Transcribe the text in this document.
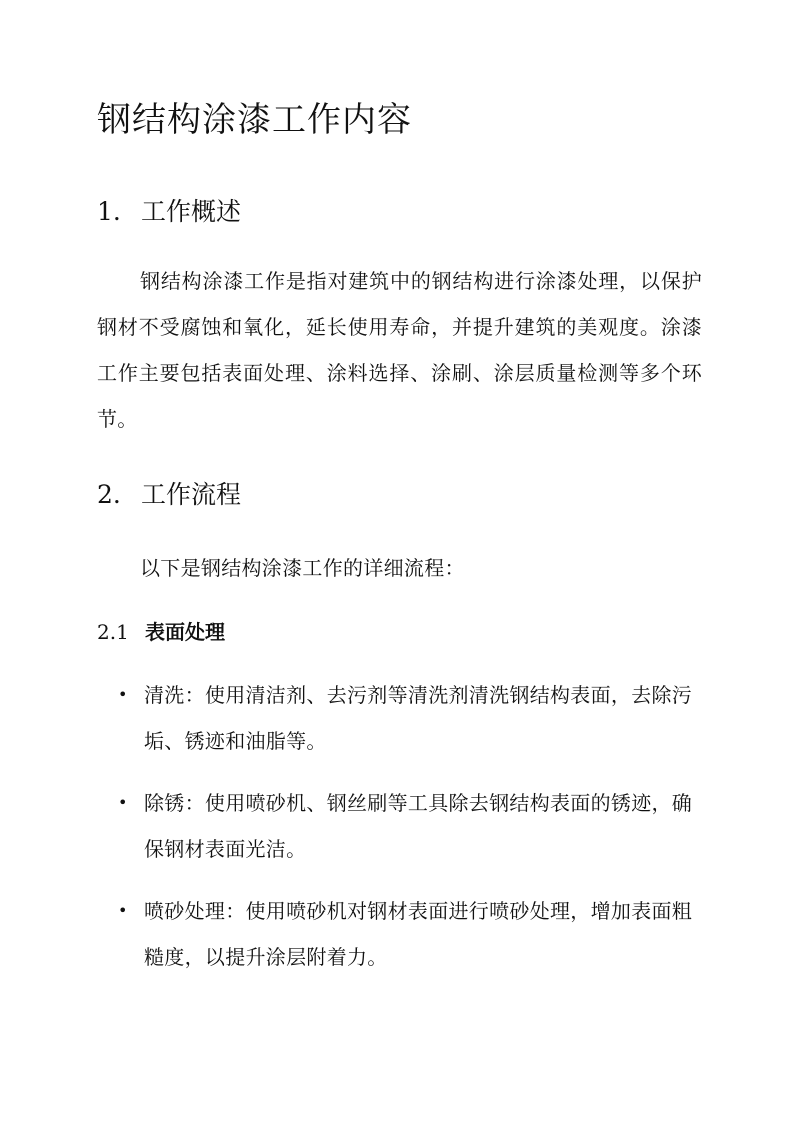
钢结构涂漆工作内容
1. 工作概述

钢结构涂漆工作是指对建筑中的钢结构进行涂漆处理，以保护钢材不受腐蚀和氧化，延长使用寿命，并提升建筑的美观度。涂漆工作主要包括表面处理、涂料选择、涂刷、涂层质量检测等多个环节。

2. 工作流程

以下是钢结构涂漆工作的详细流程：

2.1 表面处理
• 清洗：使用清洁剂、去污剂等清洗剂清洗钢结构表面，去除污垢、锈迹和油脂等。
• 除锈：使用喷砂机、钢丝刷等工具除去钢结构表面的锈迹，确保钢材表面光洁。
• 喷砂处理：使用喷砂机对钢材表面进行喷砂处理，增加表面粗糙度，以提升涂层附着力。
